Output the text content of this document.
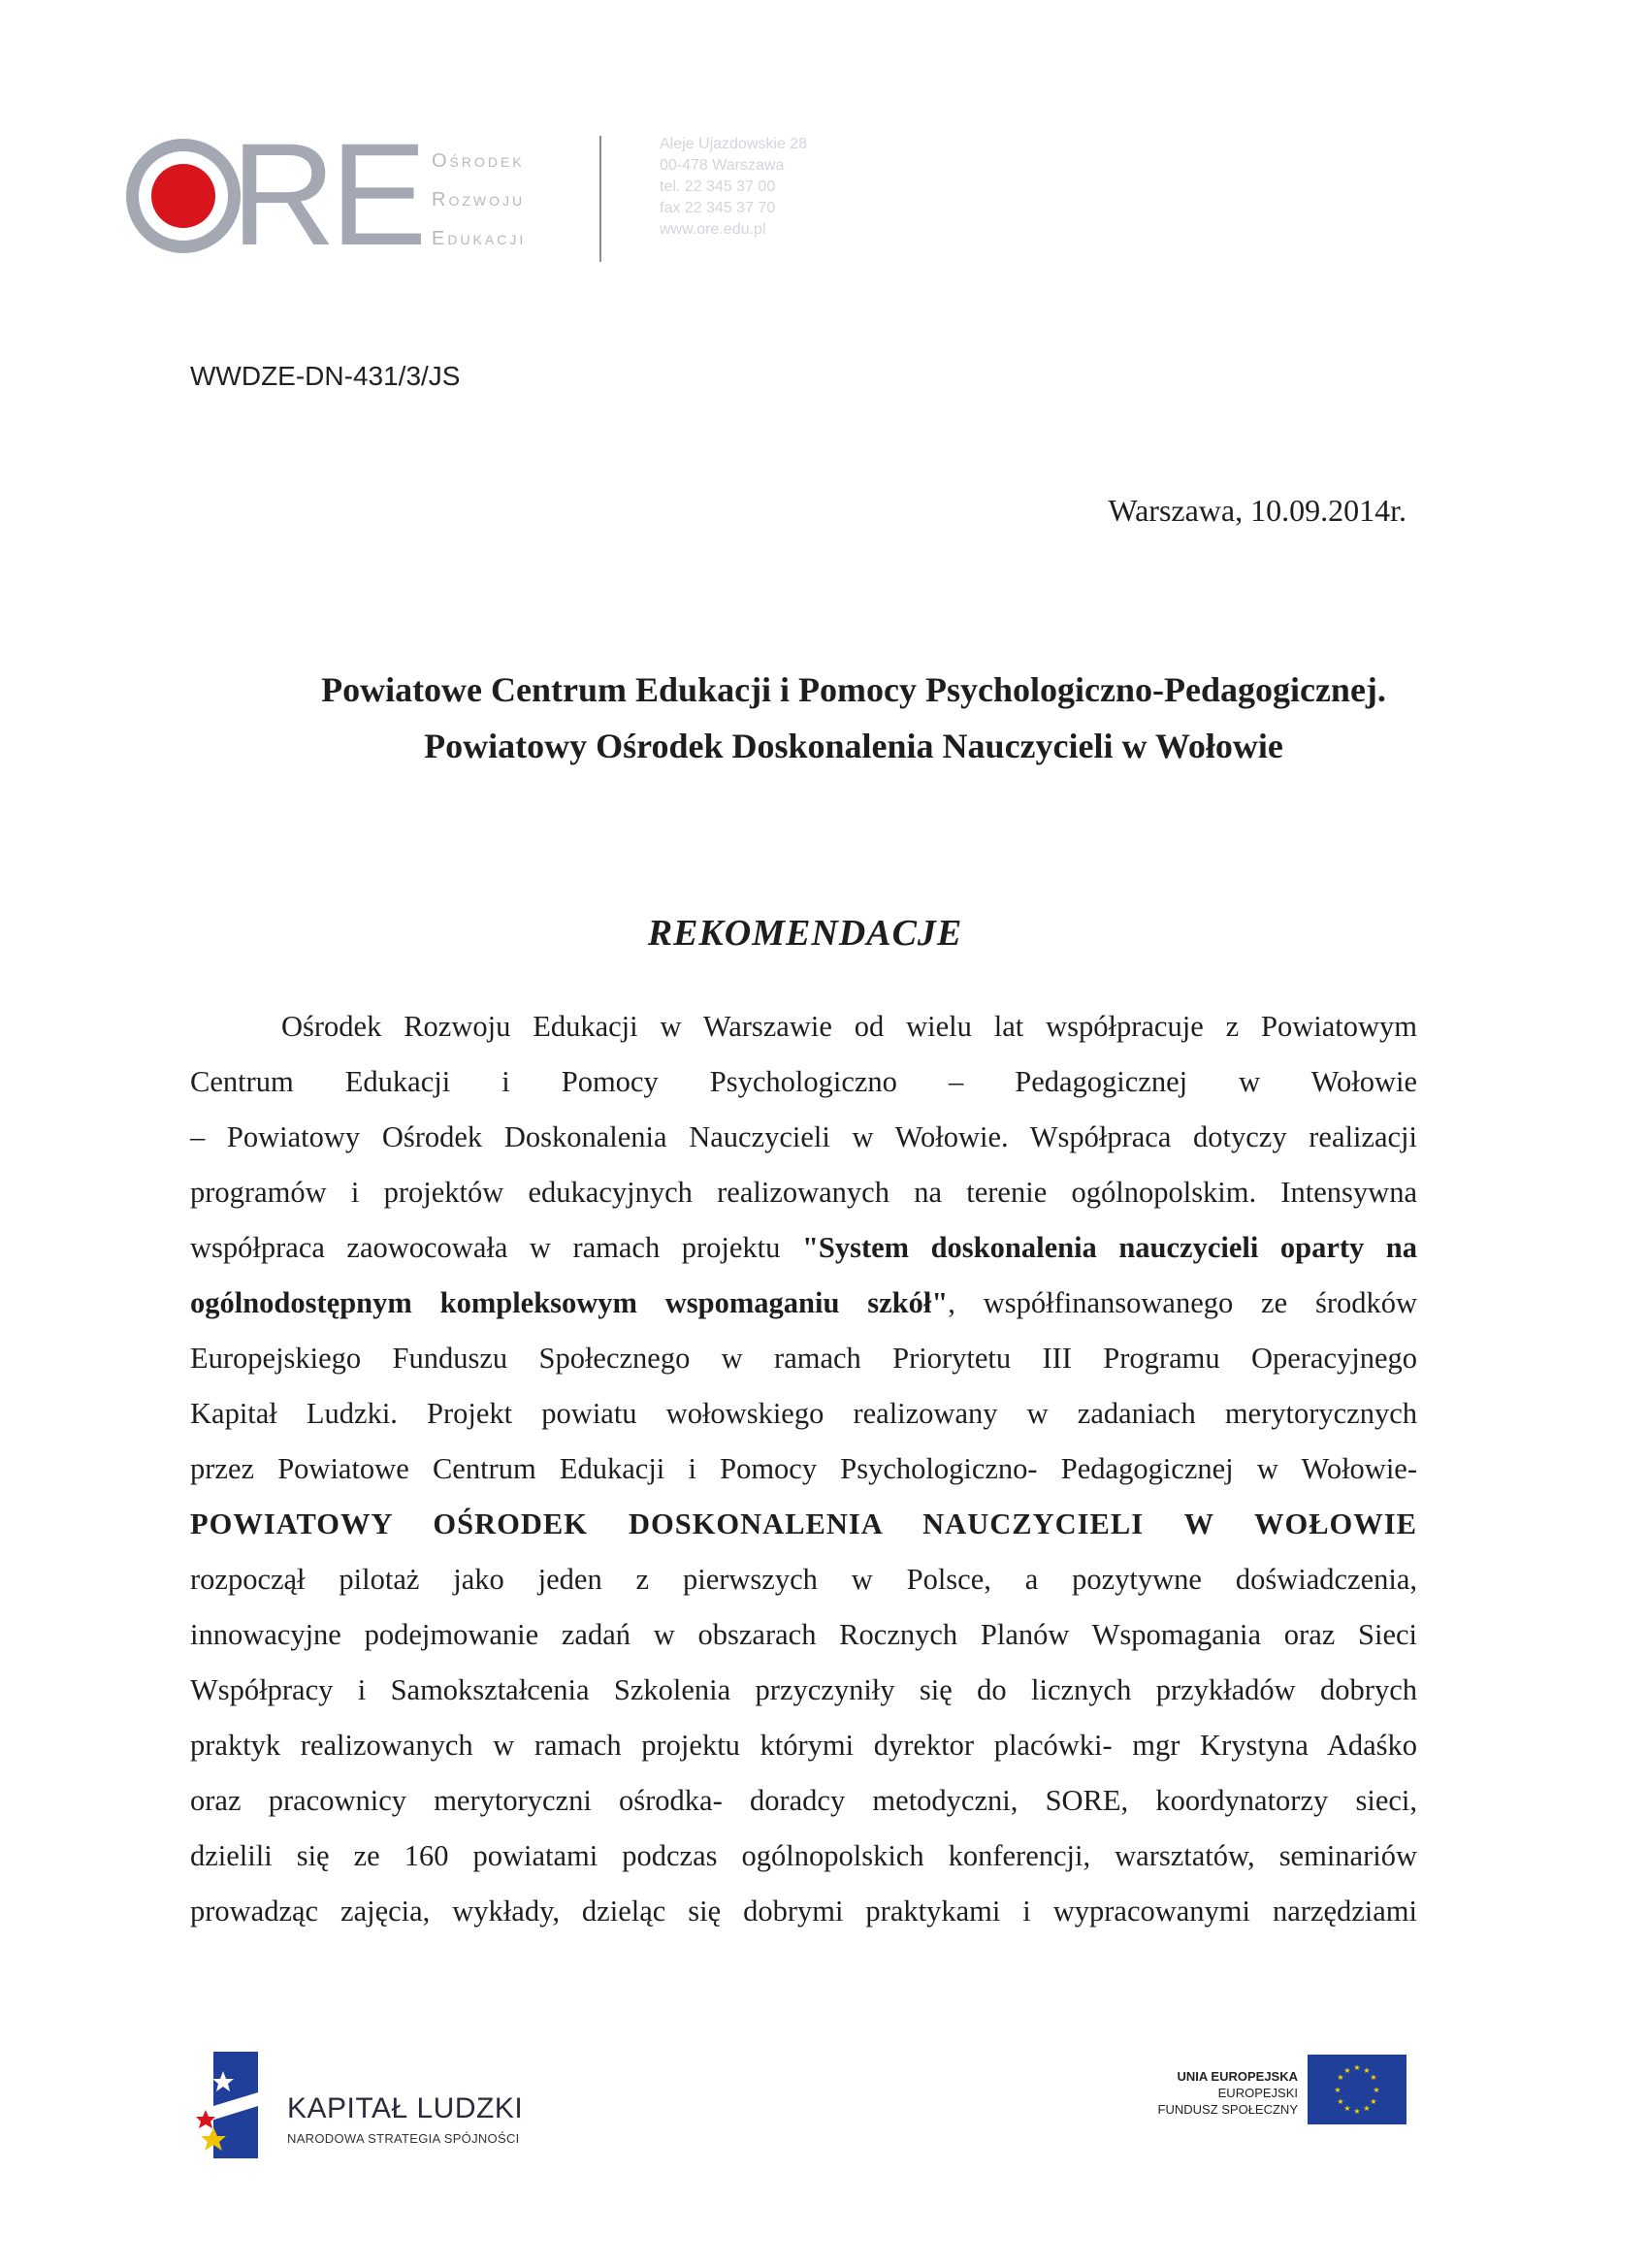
RE Ośrodek
Rozwoju
Edukacji
Aleje Ujazdowskie 28
00-478 Warszawa
tel. 22 345 37 00
fax 22 345 37 70
www.ore.edu.pl
WWDZE-DN-431/3/JS
Warszawa, 10.09.2014r.
Powiatowe Centrum Edukacji i Pomocy Psychologiczno-Pedagogicznej.
Powiatowy Ośrodek Doskonalenia Nauczycieli w Wołowie
REKOMENDACJE
Ośrodek Rozwoju Edukacji w Warszawie od wielu lat współpracuje z Powiatowym
Centrum Edukacji i Pomocy Psychologiczno – Pedagogicznej w Wołowie
– Powiatowy Ośrodek Doskonalenia Nauczycieli w Wołowie. Współpraca dotyczy realizacji
programów i projektów edukacyjnych realizowanych na terenie ogólnopolskim. Intensywna
współpraca zaowocowała w ramach projektu "System doskonalenia nauczycieli oparty na
ogólnodostępnym kompleksowym wspomaganiu szkół", współfinansowanego ze środków
Europejskiego Funduszu Społecznego w ramach Priorytetu III Programu Operacyjnego
Kapitał Ludzki. Projekt powiatu wołowskiego realizowany w zadaniach merytorycznych
przez Powiatowe Centrum Edukacji i Pomocy Psychologiczno- Pedagogicznej w Wołowie-
POWIATOWY OŚRODEK DOSKONALENIA NAUCZYCIELI W WOŁOWIE
rozpoczął pilotaż jako jeden z pierwszych w Polsce, a pozytywne doświadczenia,
innowacyjne podejmowanie zadań w obszarach Rocznych Planów Wspomagania oraz Sieci
Współpracy i Samokształcenia Szkolenia przyczyniły się do licznych przykładów dobrych
praktyk realizowanych w ramach projektu którymi dyrektor placówki- mgr Krystyna Adaśko
oraz pracownicy merytoryczni ośrodka- doradcy metodyczni, SORE, koordynatorzy sieci,
dzielili się ze 160 powiatami podczas ogólnopolskich konferencji, warsztatów, seminariów
prowadząc zajęcia, wykłady, dzieląc się dobrymi praktykami i wypracowanymi narzędziami
KAPITAŁ LUDZKI
NARODOWA STRATEGIA SPÓJNOŚCI
UNIA EUROPEJSKA
EUROPEJSKI
FUNDUSZ SPOŁECZNY
★ ★
★
★
★
★
★
★
★
★
★
★
